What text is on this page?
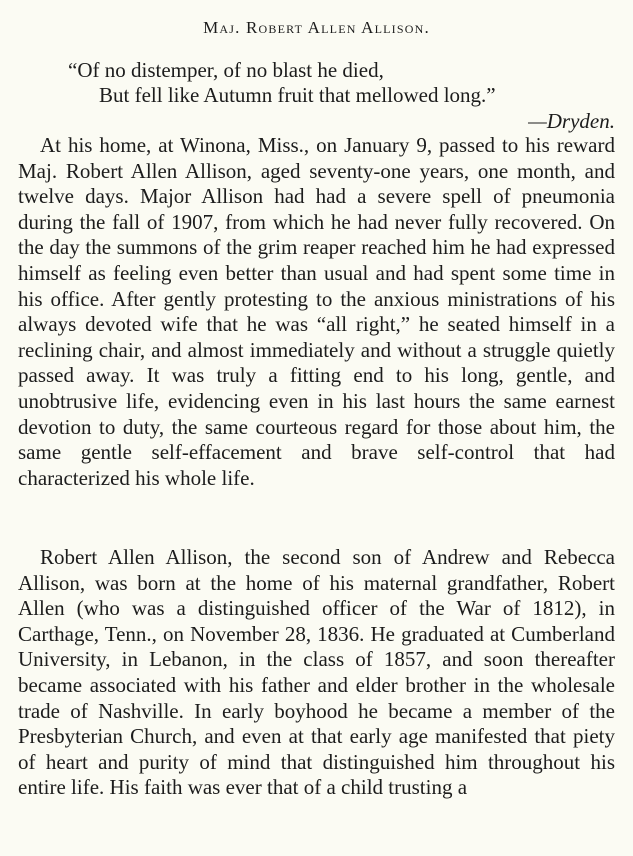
Maj. Robert Allen Allison.
“Of no distemper, of no blast he died,
But fell like Autumn fruit that mellowed long.”
—Dryden.

At his home, at Winona, Miss., on January 9, passed to his reward Maj. Robert Allen Allison, aged seventy-one years, one month, and twelve days. Major Allison had had a severe spell of pneumonia during the fall of 1907, from which he had never fully recovered. On the day the summons of the grim reaper reached him he had expressed himself as feeling even better than usual and had spent some time in his office. After gently protesting to the anxious ministrations of his always devoted wife that he was “all right,” he seated himself in a reclining chair, and almost immediately and without a struggle quietly passed away. It was truly a fitting end to his long, gentle, and unobtrusive life, evidencing even in his last hours the same earnest devotion to duty, the same courteous regard for those about him, the same gentle self-effacement and brave self-control that had characterized his whole life.

Robert Allen Allison, the second son of Andrew and Rebecca Allison, was born at the home of his maternal grandfather, Robert Allen (who was a distinguished officer of the War of 1812), in Carthage, Tenn., on November 28, 1836. He graduated at Cumberland University, in Lebanon, in the class of 1857, and soon thereafter became associated with his father and elder brother in the wholesale trade of Nashville. In early boyhood he became a member of the Presbyterian Church, and even at that early age manifested that piety of heart and purity of mind that distinguished him throughout his entire life. His faith was ever that of a child trusting a
